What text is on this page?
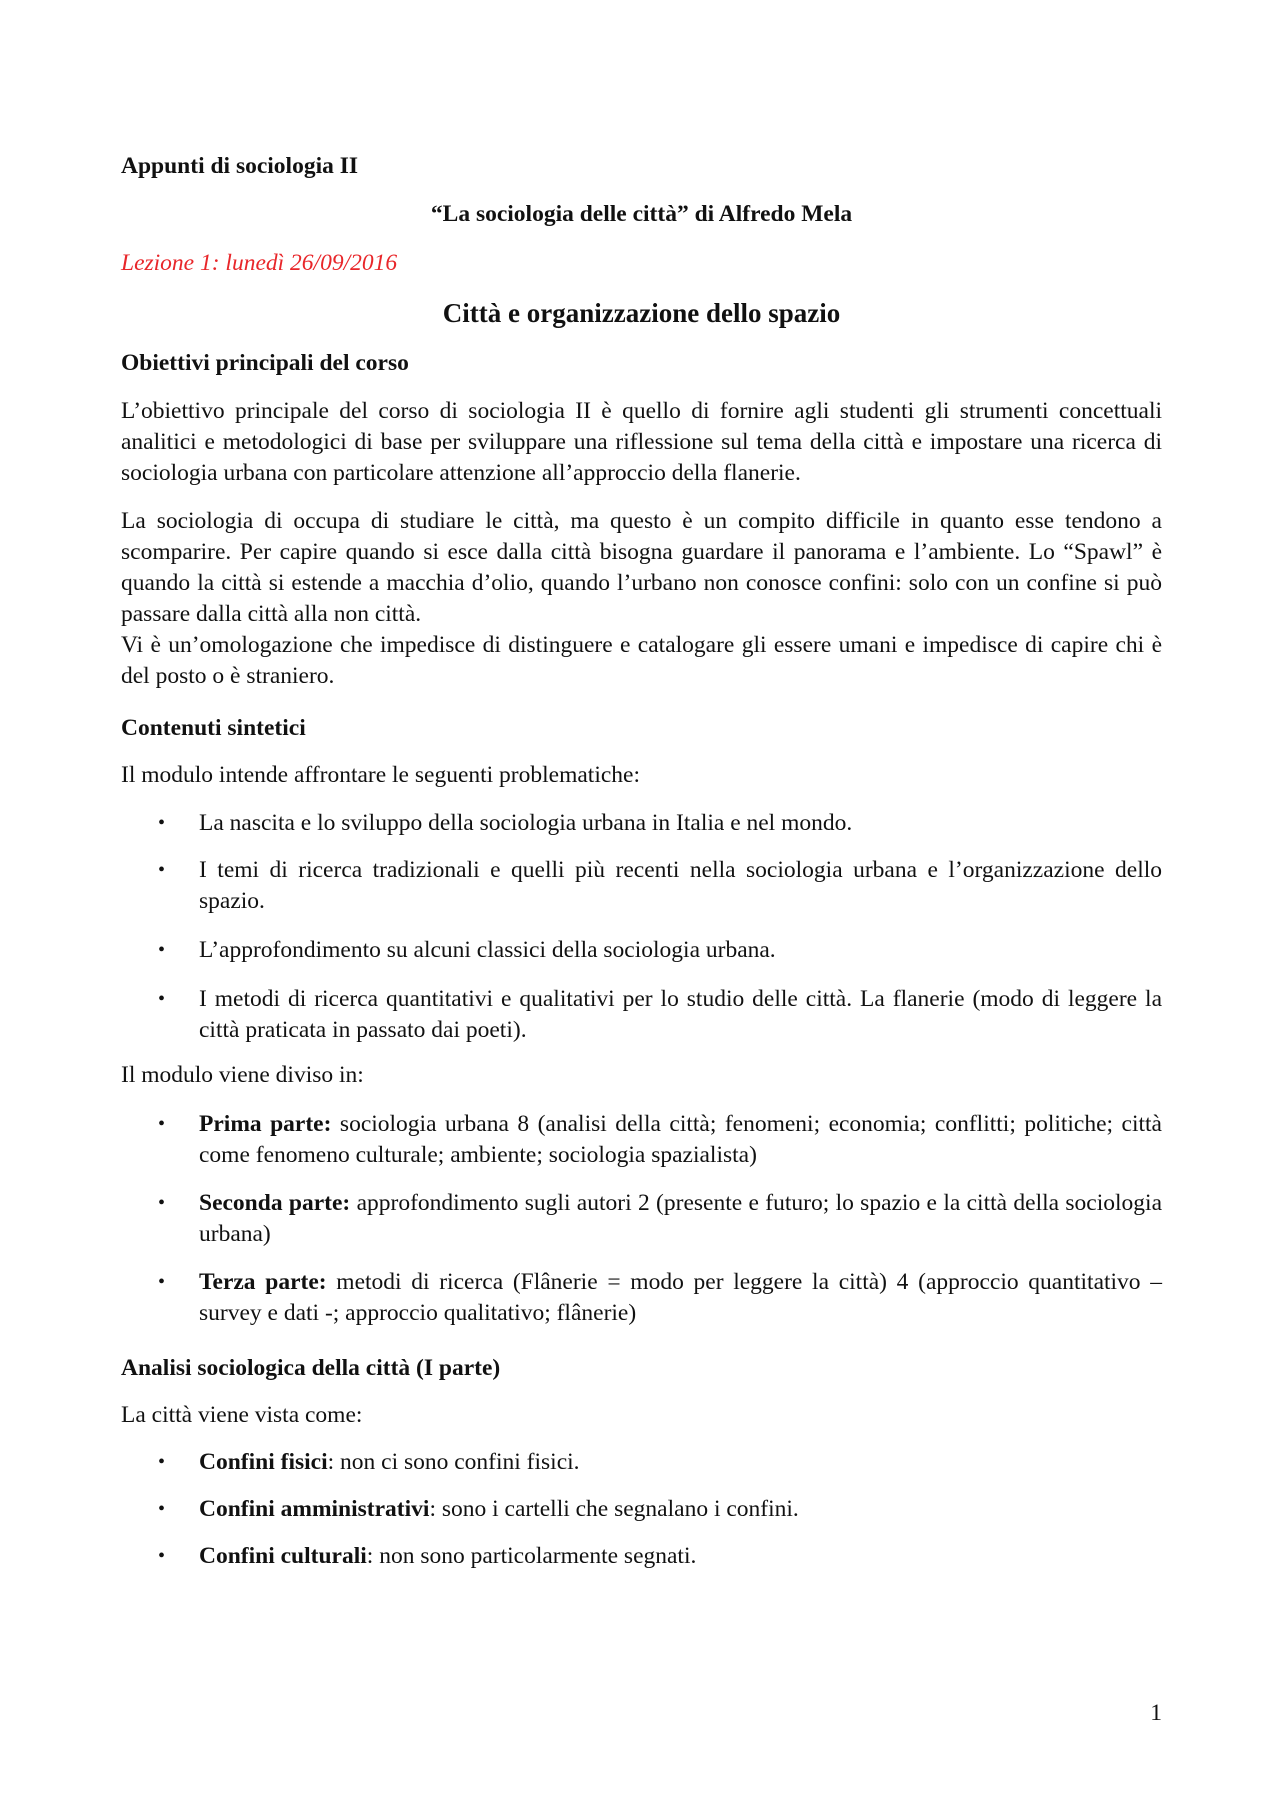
Appunti di sociologia II

“La sociologia delle città” di Alfredo Mela

Lezione 1: lunedì 26/09/2016

Città e organizzazione dello spazio

Obiettivi principali del corso

L’obiettivo principale del corso di sociologia II è quello di fornire agli studenti gli strumenti concettuali analitici e metodologici di base per sviluppare una riflessione sul tema della città e impostare una ricerca di sociologia urbana con particolare attenzione all’approccio della flanerie.

La sociologia di occupa di studiare le città, ma questo è un compito difficile in quanto esse tendono a scomparire. Per capire quando si esce dalla città bisogna guardare il panorama e l’ambiente. Lo “Spawl” è quando la città si estende a macchia d’olio, quando l’urbano non conosce confini: solo con un confine si può passare dalla città alla non città.

Vi è un’omologazione che impedisce di distinguere e catalogare gli essere umani e impedisce di capire chi è del posto o è straniero.

Contenuti sintetici

Il modulo intende affrontare le seguenti problematiche:

• La nascita e lo sviluppo della sociologia urbana in Italia e nel mondo.
• I temi di ricerca tradizionali e quelli più recenti nella sociologia urbana e l’organizzazione dello spazio.
• L’approfondimento su alcuni classici della sociologia urbana.
• I metodi di ricerca quantitativi e qualitativi per lo studio delle città. La flanerie (modo di leggere la città praticata in passato dai poeti).

Il modulo viene diviso in:

• Prima parte: sociologia urbana 8 (analisi della città; fenomeni; economia; conflitti; politiche; città come fenomeno culturale; ambiente; sociologia spazialista)
• Seconda parte: approfondimento sugli autori 2 (presente e futuro; lo spazio e la città della sociologia urbana)
• Terza parte: metodi di ricerca (Flânerie = modo per leggere la città) 4 (approccio quantitativo – survey e dati -; approccio qualitativo; flânerie)

Analisi sociologica della città (I parte)

La città viene vista come:

• Confini fisici: non ci sono confini fisici.
• Confini amministrativi: sono i cartelli che segnalano i confini.
• Confini culturali: non sono particolarmente segnati.
1
